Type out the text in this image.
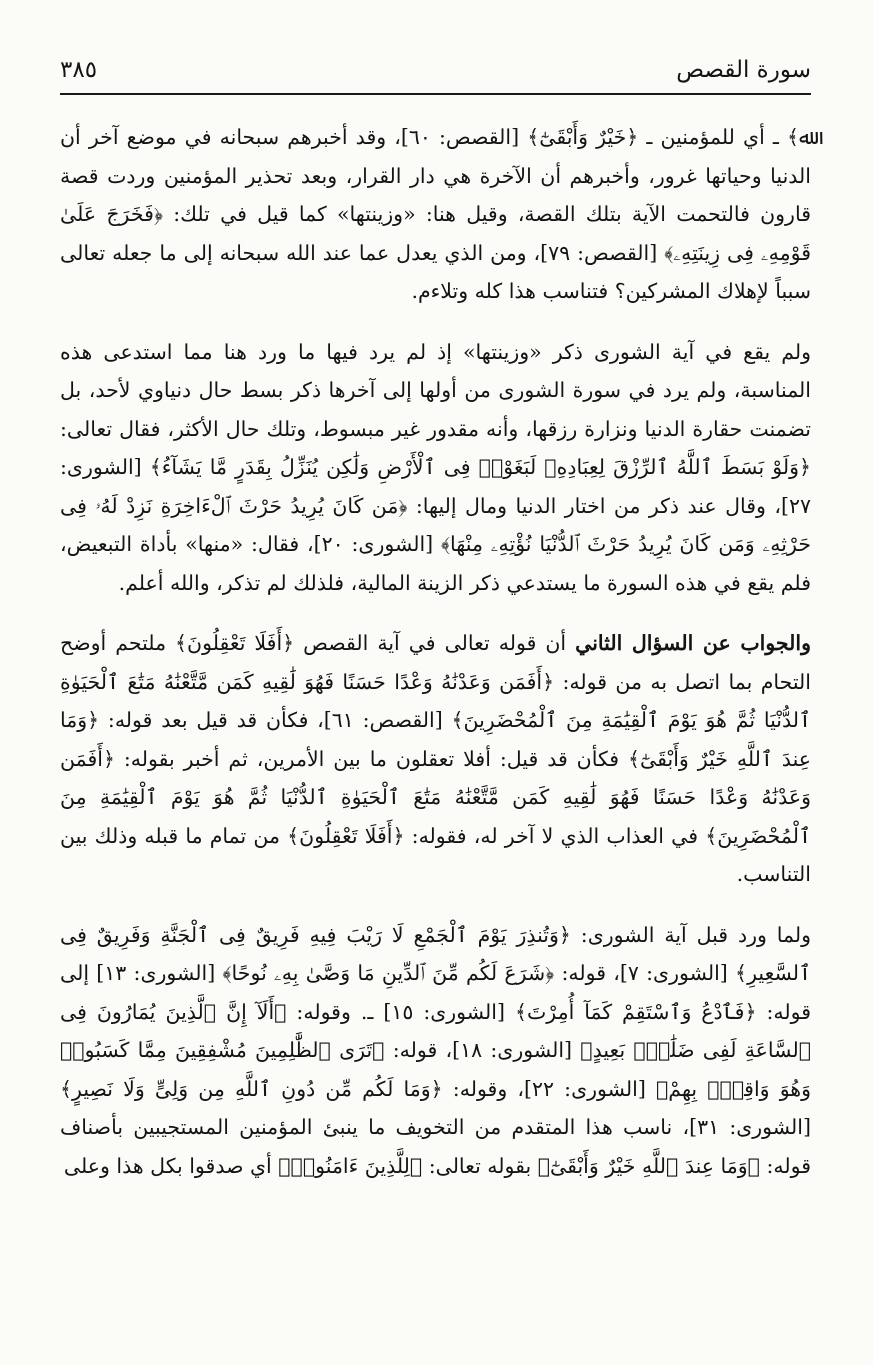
٣٨٥	سورة القصص

ﷲ﴾ ـ أي للمؤمنين ـ ﴿خَيْرٌ وَأَبْقَىٰٓ﴾ [القصص: ٦٠]، وقد أخبرهم سبحانه في موضع آخر أن الدنيا وحياتها غرور، وأخبرهم أن الآخرة هي دار القرار، وبعد تحذير المؤمنين وردت قصة قارون فالتحمت الآية بتلك القصة، وقيل هنا: «وزينتها» كما قيل في تلك: ﴿فَخَرَجَ عَلَىٰ قَوْمِهِۦ فِى زِينَتِهِۦ﴾ [القصص: ٧٩]، ومن الذي يعدل عما عند الله سبحانه إلى ما جعله تعالى سبباً لإهلاك المشركين؟ فتناسب هذا كله وتلاءم.

ولم يقع في آية الشورى ذكر «وزينتها» إذ لم يرد فيها ما ورد هنا مما استدعى هذه المناسبة، ولم يرد في سورة الشورى من أولها إلى آخرها ذكر بسط حال دنياوي لأحد، بل تضمنت حقارة الدنيا ونزارة رزقها، وأنه مقدور غير مبسوط، وتلك حال الأكثر، فقال تعالى: ﴿وَلَوْ بَسَطَ ٱللَّهُ ٱلرِّزْقَ لِعِبَادِهِۦ لَبَغَوْا۟ فِى ٱلْأَرْضِ وَلَٰكِن يُنَزِّلُ بِقَدَرٍ مَّا يَشَآءُ﴾ [الشورى: ٢٧]، وقال عند ذكر من اختار الدنيا ومال إليها: ﴿مَن كَانَ يُرِيدُ حَرْثَ ٱلْءَاخِرَةِ نَزِدْ لَهُۥ فِى حَرْثِهِۦ وَمَن كَانَ يُرِيدُ حَرْثَ ٱلدُّنْيَا نُؤْتِهِۦ مِنْهَا﴾ [الشورى: ٢٠]، فقال: «منها» بأداة التبعيض، فلم يقع في هذه السورة ما يستدعي ذكر الزينة المالية، فلذلك لم تذكر، والله أعلم.

والجواب عن السؤال الثاني أن قوله تعالى في آية القصص ﴿أَفَلَا تَعْقِلُونَ﴾ ملتحم أوضح التحام بما اتصل به من قوله: ﴿أَفَمَن وَعَدْنَٰهُ وَعْدًا حَسَنًا فَهُوَ لَٰقِيهِ كَمَن مَّتَّعْنَٰهُ مَتَٰعَ ٱلْحَيَوٰةِ ٱلدُّنْيَا ثُمَّ هُوَ يَوْمَ ٱلْقِيَٰمَةِ مِنَ ٱلْمُحْضَرِينَ﴾ [القصص: ٦١]، فكأن قد قيل بعد قوله: ﴿وَمَا عِندَ ٱللَّهِ خَيْرٌ وَأَبْقَىٰٓ﴾ فكأن قد قيل: أفلا تعقلون ما بين الأمرين، ثم أخبر بقوله: ﴿أَفَمَن وَعَدْنَٰهُ وَعْدًا حَسَنًا فَهُوَ لَٰقِيهِ كَمَن مَّتَّعْنَٰهُ مَتَٰعَ ٱلْحَيَوٰةِ ٱلدُّنْيَا ثُمَّ هُوَ يَوْمَ ٱلْقِيَٰمَةِ مِنَ ٱلْمُحْضَرِينَ﴾ في العذاب الذي لا آخر له، فقوله: ﴿أَفَلَا تَعْقِلُونَ﴾ من تمام ما قبله وذلك بين التناسب.

ولما ورد قبل آية الشورى: ﴿وَتُنذِرَ يَوْمَ ٱلْجَمْعِ لَا رَيْبَ فِيهِ فَرِيقٌ فِى ٱلْجَنَّةِ وَفَرِيقٌ فِى ٱلسَّعِيرِ﴾ [الشورى: ٧]، قوله: ﴿شَرَعَ لَكُم مِّنَ ٱلدِّينِ مَا وَصَّىٰ بِهِۦ نُوحًا﴾ [الشورى: ١٣] إلى قوله: ﴿فَٱدْعُ وَٱسْتَقِمْ كَمَآ أُمِرْتَ﴾ [الشورى: ١٥] ـ. وقوله: ﴿أَلَآ إِنَّ ٱلَّذِينَ يُمَارُونَ فِى ٱلسَّاعَةِ لَفِى ضَلَٰلٍۭ بَعِيدٍ﴾ [الشورى: ١٨]، قوله: ﴿تَرَى ٱلظَّٰلِمِينَ مُشْفِقِينَ مِمَّا كَسَبُوا۟ وَهُوَ وَاقِعٌۢ بِهِمْ﴾ [الشورى: ٢٢]، وقوله: ﴿وَمَا لَكُم مِّن دُونِ ٱللَّهِ مِن وَلِىٍّ وَلَا نَصِيرٍ﴾ [الشورى: ٣١]، ناسب هذا المتقدم من التخويف ما ينبئ المؤمنين المستجيبين بأصناف قوله: ﴿وَمَا عِندَ ٱللَّهِ خَيْرٌ وَأَبْقَىٰٓ﴾ بقوله تعالى: ﴿لِلَّذِينَ ءَامَنُوا۟﴾ أي صدقوا بكل هذا وعلى
